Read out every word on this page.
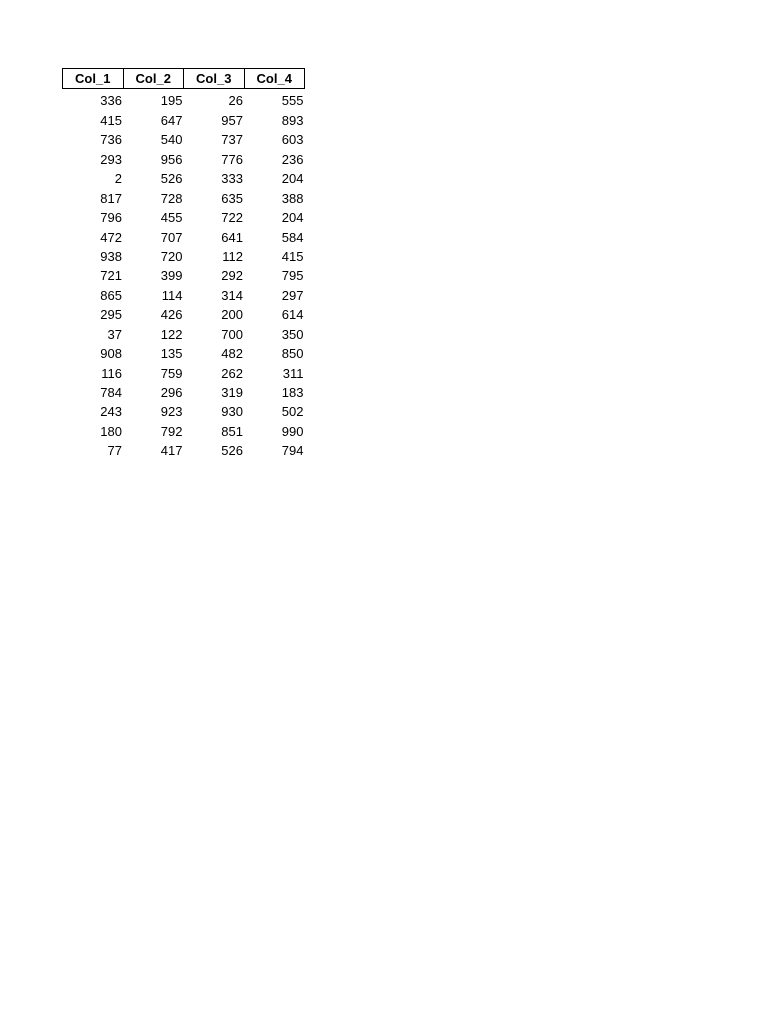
Col_1	Col_2	Col_3	Col_4
336	195	26	555
415	647	957	893
736	540	737	603
293	956	776	236
2	526	333	204
817	728	635	388
796	455	722	204
472	707	641	584
938	720	112	415
721	399	292	795
865	114	314	297
295	426	200	614
37	122	700	350
908	135	482	850
116	759	262	311
784	296	319	183
243	923	930	502
180	792	851	990
77	417	526	794
